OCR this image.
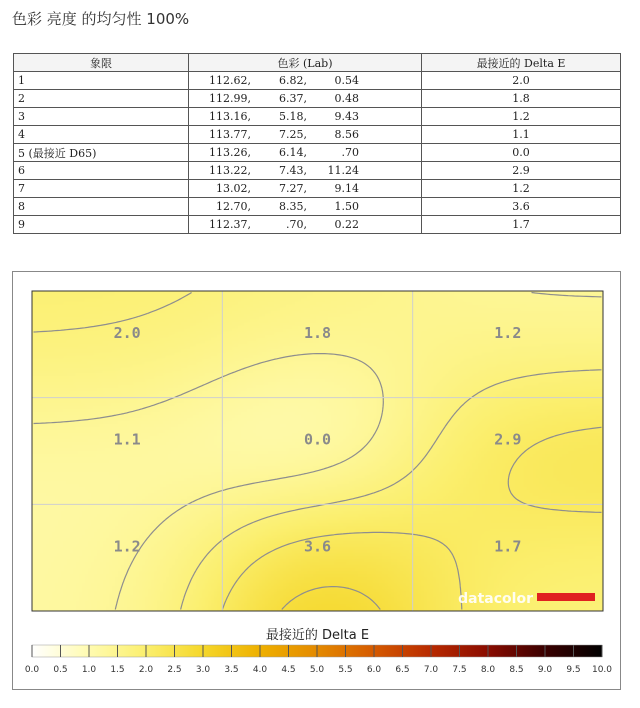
色彩 亮度 的均匀性 100%
象限	色彩 (Lab)	最接近的 Delta E
1	112.62, 6.82, 0.54	2.0
2	112.99, 6.37, 0.48	1.8
3	113.16, 5.18, 9.43	1.2
4	113.77, 7.25, 8.56	1.1
5 (最接近 D65)	113.26, 6.14, .70	0.0
6	113.22, 7.43, 11.24	2.9
7	13.02, 7.27, 9.14	1.2
8	12.70, 8.35, 1.50	3.6
9	112.37, .70, 0.22	1.7
2.0	1.8	1.2
1.1	0.0	2.9
1.2	3.6	1.7
datacolor
最接近的 Delta E
0.0 0.5 1.0 1.5 2.0 2.5 3.0 3.5 4.0 4.5 5.0 5.5 6.0 6.5 7.0 7.5 8.0 8.5 9.0 9.5 10.0
